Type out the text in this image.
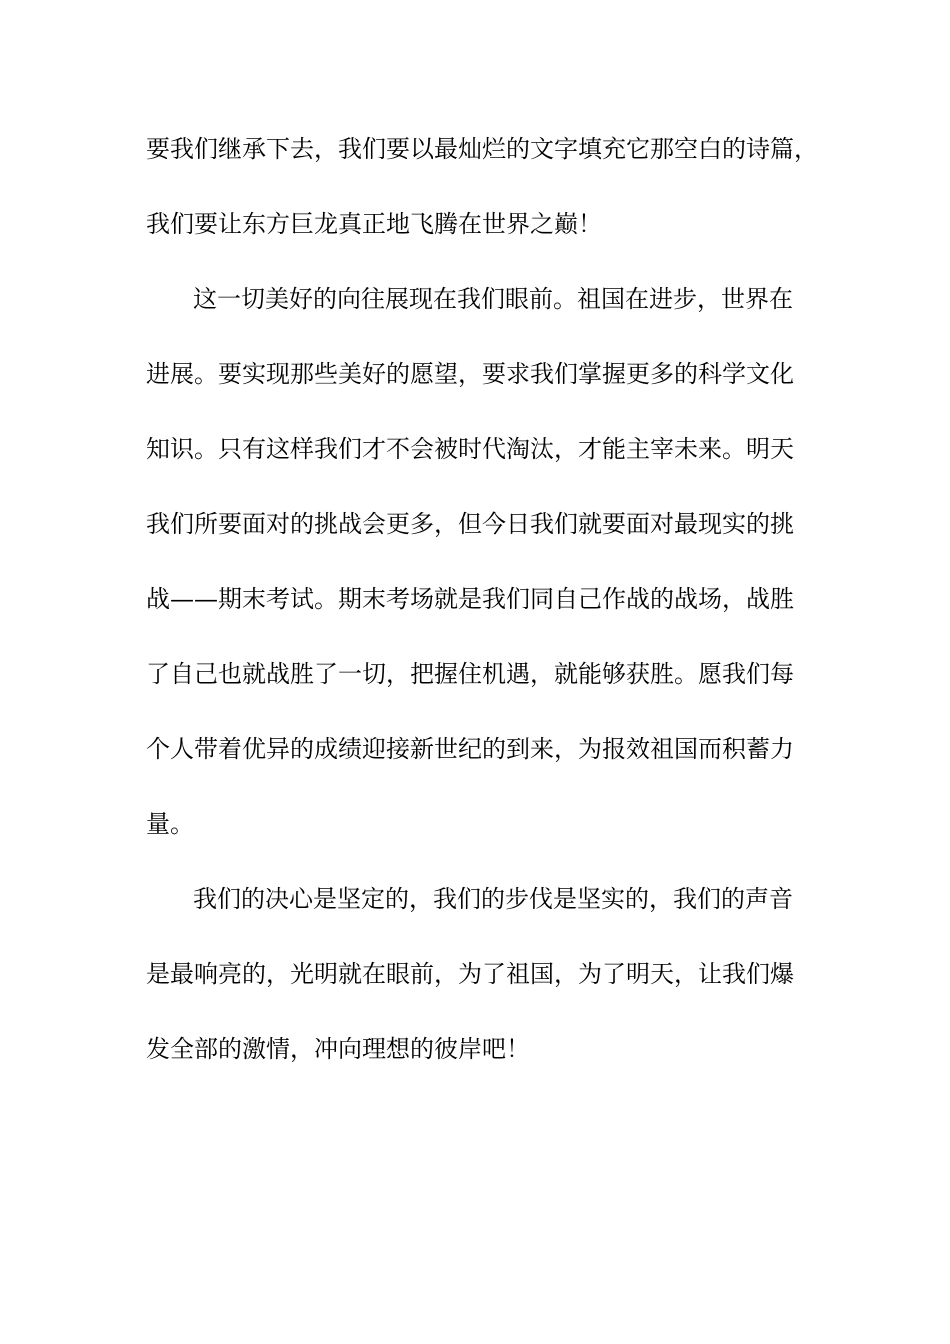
要我们继承下去，我们要以最灿烂的文字填充它那空白的诗篇，
我们要让东方巨龙真正地飞腾在世界之巅！
这一切美好的向往展现在我们眼前。祖国在进步，世界在
进展。要实现那些美好的愿望，要求我们掌握更多的科学文化
知识。只有这样我们才不会被时代淘汰，才能主宰未来。明天
我们所要面对的挑战会更多，但今日我们就要面对最现实的挑
战——期末考试。期末考场就是我们同自己作战的战场，战胜
了自己也就战胜了一切，把握住机遇，就能够获胜。愿我们每
个人带着优异的成绩迎接新世纪的到来，为报效祖国而积蓄力
量。
我们的决心是坚定的，我们的步伐是坚实的，我们的声音
是最响亮的，光明就在眼前，为了祖国，为了明天，让我们爆
发全部的激情，冲向理想的彼岸吧！
